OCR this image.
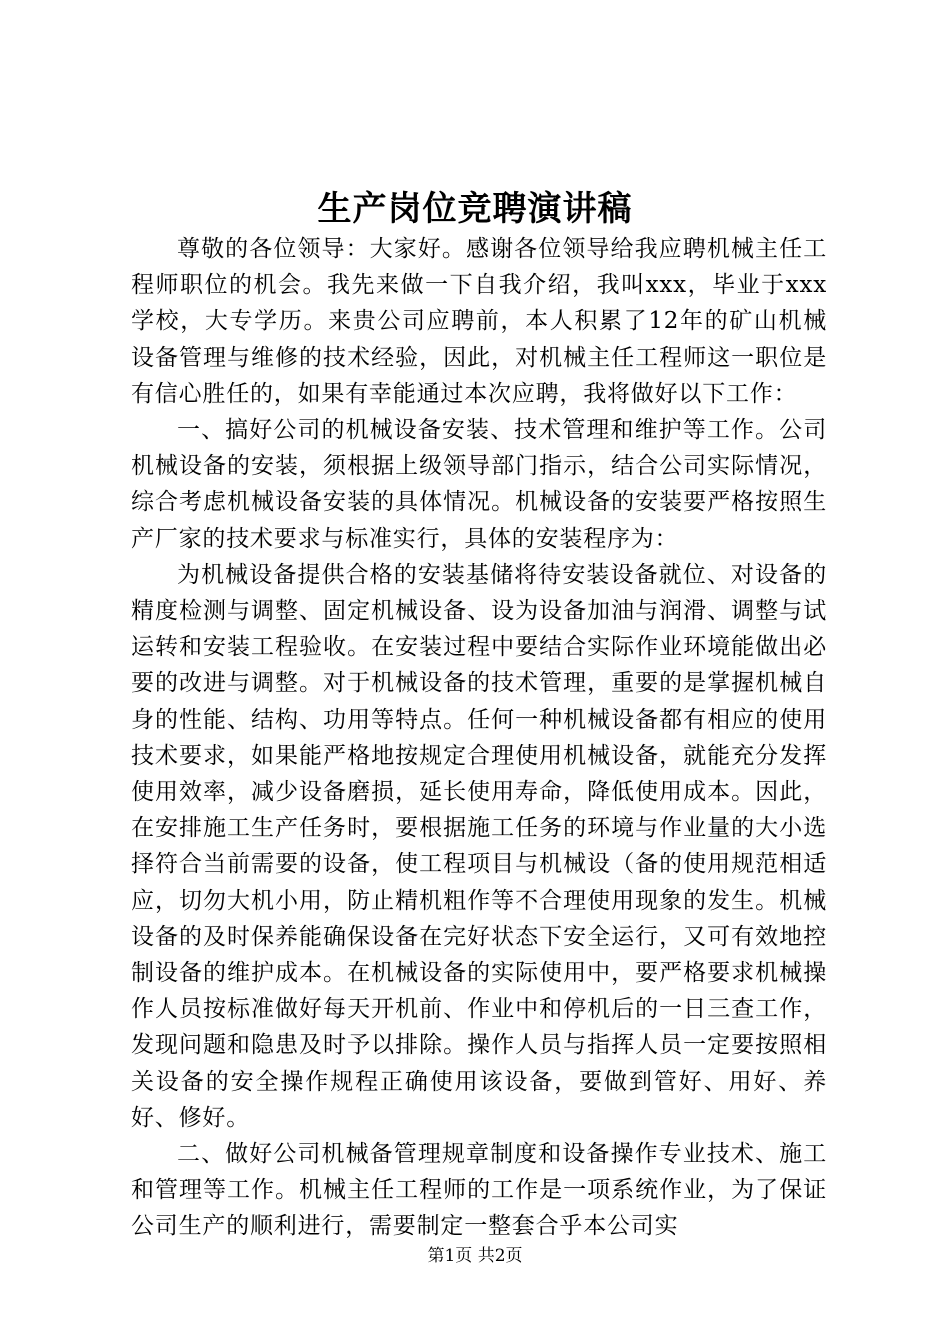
生产岗位竞聘演讲稿

尊敬的各位领导：大家好。感谢各位领导给我应聘机械主任工程师职位的机会。我先来做一下自我介绍，我叫xxx，毕业于xxx学校，大专学历。来贵公司应聘前，本人积累了12年的矿山机械设备管理与维修的技术经验，因此，对机械主任工程师这一职位是有信心胜任的，如果有幸能通过本次应聘，我将做好以下工作：

一、搞好公司的机械设备安装、技术管理和维护等工作。公司机械设备的安装，须根据上级领导部门指示，结合公司实际情况，综合考虑机械设备安装的具体情况。机械设备的安装要严格按照生产厂家的技术要求与标准实行，具体的安装程序为：

为机械设备提供合格的安装基储将待安装设备就位、对设备的精度检测与调整、固定机械设备、设为设备加油与润滑、调整与试运转和安装工程验收。在安装过程中要结合实际作业环境能做出必要的改进与调整。对于机械设备的技术管理，重要的是掌握机械自身的性能、结构、功用等特点。任何一种机械设备都有相应的使用技术要求，如果能严格地按规定合理使用机械设备，就能充分发挥使用效率，减少设备磨损，延长使用寿命，降低使用成本。因此，在安排施工生产任务时，要根据施工任务的环境与作业量的大小选择符合当前需要的设备，使工程项目与机械设（备的使用规范相适应，切勿大机小用，防止精机粗作等不合理使用现象的发生。机械设备的及时保养能确保设备在完好状态下安全运行，又可有效地控制设备的维护成本。在机械设备的实际使用中，要严格要求机械操作人员按标准做好每天开机前、作业中和停机后的一日三查工作，发现问题和隐患及时予以排除。操作人员与指挥人员一定要按照相关设备的安全操作规程正确使用该设备，要做到管好、用好、养好、修好。

二、做好公司机械备管理规章制度和设备操作专业技术、施工和管理等工作。机械主任工程师的工作是一项系统作业，为了保证公司生产的顺利进行，需要制定一整套合乎本公司实

第1页 共2页
